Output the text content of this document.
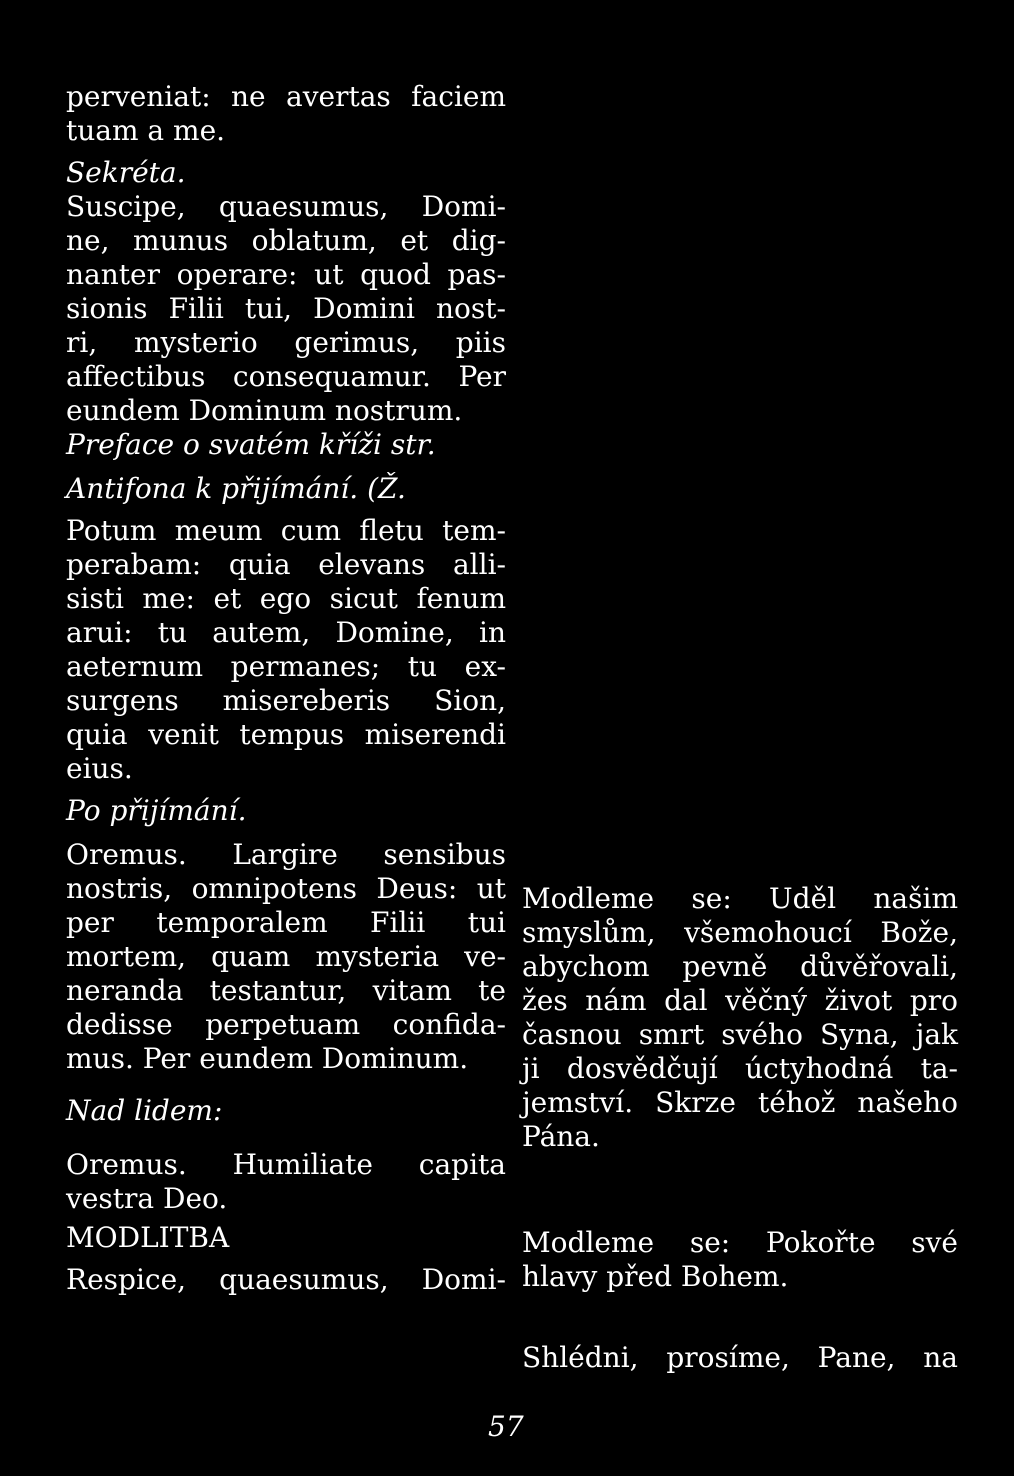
perveniat: ne avertas faciem

tuam a me.

Sekréta.

Suscipe, quaesumus, Domi-

ne, munus oblatum, et dig-

nanter operare: ut quod pas-

sionis Filii tui, Domini nost-

ri, mysterio gerimus, piis

affectibus consequamur. Per

eundem Dominum nostrum.

Preface o svatém kříži str.

Antifona k přijímání. (Ž.

Potum meum cum fletu tem-

perabam: quia elevans alli-

sisti me: et ego sicut fenum

arui: tu autem, Domine, in

aeternum permanes; tu ex-

surgens misereberis Sion,

quia venit tempus miserendi

eius.

Po přijímání.

Oremus. Largire sensibus

nostris, omnipotens Deus: ut

per temporalem Filii tui

mortem, quam mysteria ve-

neranda testantur, vitam te

dedisse perpetuam confida-

mus. Per eundem Dominum.

Nad lidem:

Oremus. Humiliate capita

vestra Deo.

MODLITBA

Respice, quaesumus, Domi-

Modleme se: Uděl našim

smyslům, všemohoucí Bože,

abychom pevně důvěřovali,

žes nám dal věčný život pro

časnou smrt svého Syna, jak

ji dosvědčují úctyhodná ta-

jemství. Skrze téhož našeho

Pána.

Modleme se: Pokořte své

hlavy před Bohem.

Shlédni, prosíme, Pane, na

57
